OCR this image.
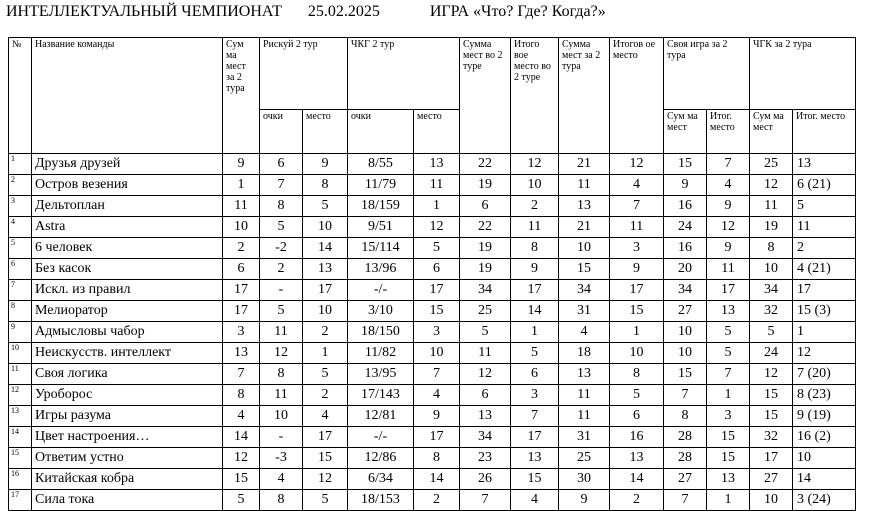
ИНТЕЛЛЕКТУАЛЬНЫЙ ЧЕМПИОНАТ 25.02.2025	ИГРА «Что? Где? Когда?»
№	Название команды	Сум ма мест за 2 тура	Рискуй 2 тур		ЧКГ 2 тур		Сумма мест во 2 туре	Итого вое место во 2 туре	Сумма мест за 2 тура	Итогов ое место	Своя игра за 2 тура		ЧГК за 2 тура	
			очки	место	очки	место					Сум ма мест	Итог. место	Сум ма мест	Итог. место
1	Друзья друзей	9	6	9	8/55	13	22	12	21	12	15	7	25	13
2	Остров везения	1	7	8	11/79	11	19	10	11	4	9	4	12	6 (21)
3	Дельтоплан	11	8	5	18/159	1	6	2	13	7	16	9	11	5
4	Astra	10	5	10	9/51	12	22	11	21	11	24	12	19	11
5	6 человек	2	-2	14	15/114	5	19	8	10	3	16	9	8	2
6	Без касок	6	2	13	13/96	6	19	9	15	9	20	11	10	4 (21)
7	Искл. из правил	17	-	17	-/-	17	34	17	34	17	34	17	34	17
8	Мелиоратор	17	5	10	3/10	15	25	14	31	15	27	13	32	15 (3)
9	Адмысловы чабор	3	11	2	18/150	3	5	1	4	1	10	5	5	1
10	Неискусств. интеллект	13	12	1	11/82	10	11	5	18	10	10	5	24	12
11	Своя логика	7	8	5	13/95	7	12	6	13	8	15	7	12	7 (20)
12	Уроборос	8	11	2	17/143	4	6	3	11	5	7	1	15	8 (23)
13	Игры разума	4	10	4	12/81	9	13	7	11	6	8	3	15	9 (19)
14	Цвет настроения…	14	-	17	-/-	17	34	17	31	16	28	15	32	16 (2)
15	Ответим устно	12	-3	15	12/86	8	23	13	25	13	28	15	17	10
16	Китайская кобра	15	4	12	6/34	14	26	15	30	14	27	13	27	14
17	Сила тока	5	8	5	18/153	2	7	4	9	2	7	1	10	3 (24)
